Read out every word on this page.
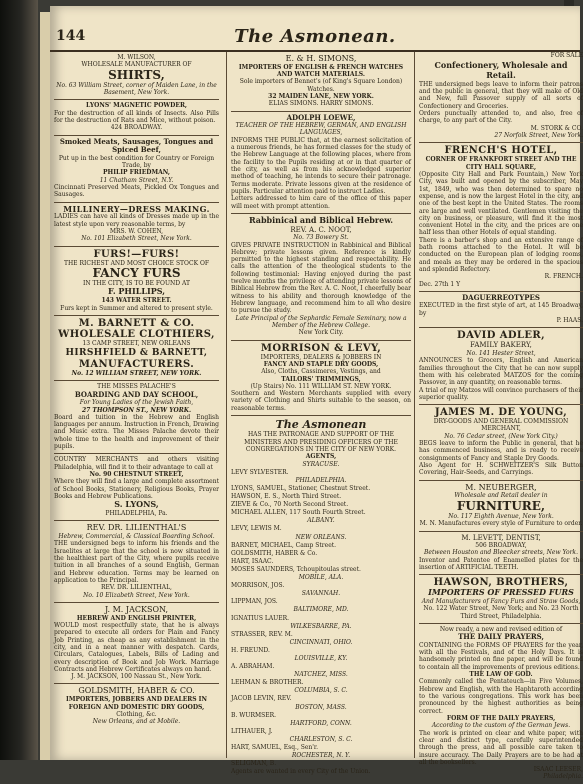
144	The Asmonean.
M. WILSON,
WHOLESALE MANUFACTURER OF
SHIRTS,
No. 63 William Street, corner of Maiden Lane, in the Basement, New York.
LYONS' MAGNETIC POWDER,
For the destruction of all kinds of Insects. Also Pills for the destruction of Rats and Mice, without poison.
424 BROADWAY.
Smoked Meats, Sausages, Tongues and Spiced Beef,
Put up in the best condition for Country or Foreign Trade, by
PHILIP FRIEDMAN,
11 Chatham Street, N.Y.
Cincinnati Preserved Meats, Pickled Ox Tongues and Sausages.
MILLINERY—DRESS MAKING.
LADIES can have all kinds of Dresses made up in the latest style upon very reasonable terms, by
MRS. W. COHEN,
No. 101 Elizabeth Street, New York.
FURS!—FURS!
THE RICHEST AND MOST CHOICE STOCK OF
FANCY FURS
IN THE CITY, IS TO BE FOUND AT
F. PHILLIPS,
143 WATER STREET.
Furs kept in Summer and altered to present style.
M. BARNETT & CO.
WHOLESALE CLOTHIERS,
13 CAMP STREET, NEW ORLEANS
HIRSHFIELD & BARNETT,
MANUFACTURERS.
No. 12 WILLIAM STREET, NEW YORK.
THE MISSES PALACHE'S
BOARDING AND DAY SCHOOL,
For Young Ladies of the Jewish Faith,
27 THOMPSON ST., NEW YORK.
Board and tuition in the Hebrew and English languages per annum. Instruction in French, Drawing and Music extra. The Misses Palache devote their whole time to the health and improvement of their pupils.
COUNTRY MERCHANTS and others visiting Philadelphia, will find it to their advantage to call at
No. 90 CHESTNUT STREET,
Where they will find a large and complete assortment of School Books, Stationery, Religious Books, Prayer Books and Hebrew Publications.
S. LYONS,
PHILADELPHIA, Pa.
REV. DR. LILIENTHAL'S
Hebrew, Commercial, & Classical Boarding School.
THE undersigned begs to inform his friends and the Israelites at large that the school is now situated in the healthiest part of the City, where pupils receive tuition in all branches of a sound English, German and Hebrew education. Terms may be learned on application to the Principal.
REV. DR. LILIENTHAL,
No. 10 Elizabeth Street, New York.
J. M. JACKSON,
HEBREW AND ENGLISH PRINTER,
WOULD most respectfully state, that he is always prepared to execute all orders for Plain and Fancy Job Printing, as cheap as any establishment in the city, and in a neat manner with despatch. Cards, Circulars, Catalogues, Labels, Bills of Lading and every description of Book and Job Work. Marriage Contracts and Hebrew Certificates always on hand.
J. M. JACKSON, 100 Nassau St., New York.
GOLDSMITH, HABER & CO.
IMPORTERS, JOBBERS AND DEALERS IN
FOREIGN AND DOMESTIC DRY GOODS,
Clothing, &c.
New Orleans, and at Mobile.
E. & H. SIMONS,
IMPORTERS OF ENGLISH & FRENCH WATCHES AND WATCH MATERIALS.
Sole importers of Bennet's (of King's Square London) Watches.
32 MAIDEN LANE, NEW YORK.
ELIAS SIMONS. HARRY SIMONS.
ADOLPH LOEWE,
TEACHER OF THE HEBREW, GERMAN, AND ENGLISH LANGUAGES,
INFORMS THE PUBLIC that, at the earnest solicitation of a numerous friends, he has formed classes for the study of the Hebrew Language at the following places, where from the facility to the Pupils residing at or in that quarter of the city, as well as from his acknowledged superior method of teaching, he intends to secure their patronage. Terms moderate. Private lessons given at the residence of pupils. Particular attention paid to instruct Ladies.
Letters addressed to him care of the office of this paper will meet with prompt attention.
Rabbinical and Biblical Hebrew.
REV. A. C. NOOT,
No. 73 Bowery St.
GIVES PRIVATE INSTRUCTION in Rabbinical and Biblical Hebrew; private lessons given. Reference is kindly permitted to the highest standing and respectability. He calls the attention of the theological students to the following testimonial: Having enjoyed during the past twelve months the privilege of attending private lessons of Biblical Hebrew from the Rev. A. C. Noot, I cheerfully bear witness to his ability and thorough knowledge of the Hebrew language, and recommend him to all who desire to pursue the study.
Late Principal of the Sephardic Female Seminary, now a Member of the Hebrew College.
New York City.
MORRISON & LEVY,
IMPORTERS, DEALERS & JOBBERS IN
FANCY AND STAPLE DRY GOODS,
Also, Cloths, Cassimeres, Vestings, and
TAILORS' TRIMMINGS,
(Up Stairs) No. 111 WILLIAM ST. NEW YORK.
Southern and Western Merchants supplied with every variety of Clothing and Shirts suitable to the season, on reasonable terms.
The Asmonean
HAS THE PATRONAGE AND SUPPORT OF THE MINISTERS AND PRESIDING OFFICERS OF THE CONGREGATIONS IN THE CITY OF NEW YORK.
AGENTS,
SYRACUSE.
LEVY SYLVESTER.
PHILADELPHIA.
LYONS, SAMUEL, Stationer, Chestnut Street.
HAWSON, E. S., North Third Street.
ZIEVE & Co., 70 North Second Street.
MICHAEL ALLEN, 117 South Fourth Street.
ALBANY.
LEVY, LEWIS M.
NEW ORLEANS.
BARNET, MICHAEL, Camp Street.
GOLDSMITH, HABER & Co.
HART, ISAAC.
MOSES SAUNDERS, Tchoupitoulas street.
MOBILE, ALA.
MORRISON, JOS.
SAVANNAH.
LIPPMAN, JOS.
BALTIMORE, MD.
IGNATIUS LAUER.
WILKESBARRE, PA.
STRASSER, REV. M.
CINCINNATI, OHIO.
H. FREUND.
LOUISVILLE, KY.
A. ABRAHAM.
NATCHEZ, MISS.
LEHMAN & BROTHER.
COLUMBIA, S. C.
JACOB LEVIN, REV.
BOSTON, MASS.
B. WURMSER.
HARTFORD, CONN.
LITHAUER, J.
CHARLESTON, S. C.
HART, SAMUEL, Esq., Sen'r.
ROCHESTER, N. Y.
SELIGMAN, B.
Agents are wanted in every City of the Union.
FOR SALE
Confectionery, Wholesale and Retail.
THE undersigned begs leave to inform their patrons and the public in general, that they will make of Old and New, full Passover supply of all sorts of Confectionery and Groceries.
Orders punctually attended to, and also, free of charge, to any part of the City.
M. STORK & CO.
27 Norfolk Street, New York.
FRENCH'S HOTEL,
CORNER OF FRANKFORT STREET AND THE CITY HALL SQUARE,
(Opposite City Hall and Park Fountain,) New York City, was built and opened by the subscriber, May 1st, 1849, who was then determined to spare no expense, and is now the largest Hotel in the city, and one of the best kept in the United States. The rooms are large and well ventilated. Gentlemen visiting the city on business, or pleasure, will find it the most convenient Hotel in the city, and the prices are one half less than other Hotels of equal standing.
There is a barber's shop and an extensive range of bath rooms attached to the Hotel. It will be conducted on the European plan of lodging rooms, and meals as they may be ordered in the spacious and splendid Refectory.
R. FRENCH.
Dec. 27th 1 Y
DAGUERREOTYPES
EXECUTED in the first style of art, at 145 Broadway, by
P. HAAS.
DAVID ADLER,
FAMILY BAKERY,
No. 141 Hester Street,
ANNOUNCES to Grocers, English and American families throughout the City that he can now supply them with his celebrated MATZOS for the coming Passover, in any quantity, on reasonable terms.
A trial of my Matzos will convince purchasers of their superior quality.
JAMES M. DE YOUNG,
DRY-GOODS AND GENERAL COMMISSION MERCHANT,
No. 76 Cedar street, (New York City.)
BEGS leave to inform the Public in general, that he has commenced business, and is ready to receive consignments of Fancy and Staple Dry Goods.
Also Agent for H. SCHWEITZER'S Silk Button Covering, Hair-Seeds, and Carryings.
M. NEUBERGER,
Wholesale and Retail dealer in
FURNITURE,
No. 117 Eighth Avenue, New York.
M. N. Manufactures every style of Furniture to order.
M. LEVETT, DENTIST,
506 BROADWAY,
Between Houston and Bleecker streets, New York.
Inventor and Patentee of Enamelled plates for the insertion of ARTIFICIAL TEETH.
HAWSON, BROTHERS,
IMPORTERS OF PRESSED FURS
And Manufacturers of Fancy Furs and Straw Goods,
No. 122 Water Street, New York; and No. 23 North Third Street, Philadelphia.
Now ready, a new and revised edition of
THE DAILY PRAYERS,
CONTAINING the FORMS OF PRAYERS for the year, with all the Festivals, and of the Holy Days. It is handsomely printed on fine paper, and will be found to contain all the improvements of previous editions.
THE LAW OF GOD.
Commonly called the Pentateuch—in Five Volumes, Hebrew and English, with the Haphtaroth according to the various congregations. This work has been pronounced by the highest authorities as being correct.
FORM OF THE DAILY PRAYERS,
According to the custom of the German Jews.
The work is printed on clear and white paper, with clear and distinct type, carefully superintended through the press, and all possible care taken to insure accuracy. The Daily Prayers are to be had at all the booksellers.
ISAAC LEESER,
Philadelphia.
